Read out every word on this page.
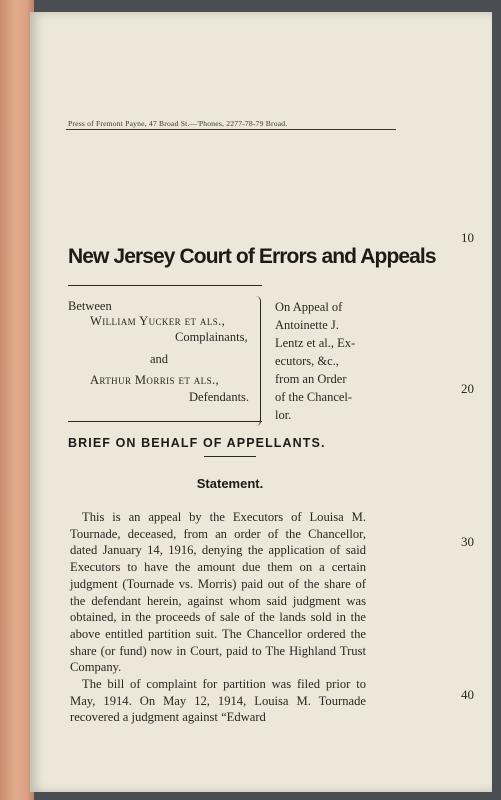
Press of Fremont Payne, 47 Broad St.—'Phones, 2277-78-79 Broad.
10
20
30
40
New Jersey Court of Errors and Appeals
Between
William Yucker et als.,
Complainants,
and
Arthur Morris et als.,
Defendants.
On Appeal of
Antoinette J.
Lentz et al., Ex-
ecutors, &c.,
from an Order
of the Chancel-
lor.
BRIEF ON BEHALF OF APPELLANTS.
Statement.

This is an appeal by the Executors of Louisa M. Tournade, deceased, from an order of the Chancellor, dated January 14, 1916, denying the application of said Executors to have the amount due them on a certain judgment (Tournade vs. Morris) paid out of the share of the defendant herein, against whom said judgment was obtained, in the proceeds of sale of the lands sold in the above entitled partition suit. The Chancellor ordered the share (or fund) now in Court, paid to The Highland Trust Company.

The bill of complaint for partition was filed prior to May, 1914. On May 12, 1914, Louisa M. Tournade recovered a judgment against “Edward
